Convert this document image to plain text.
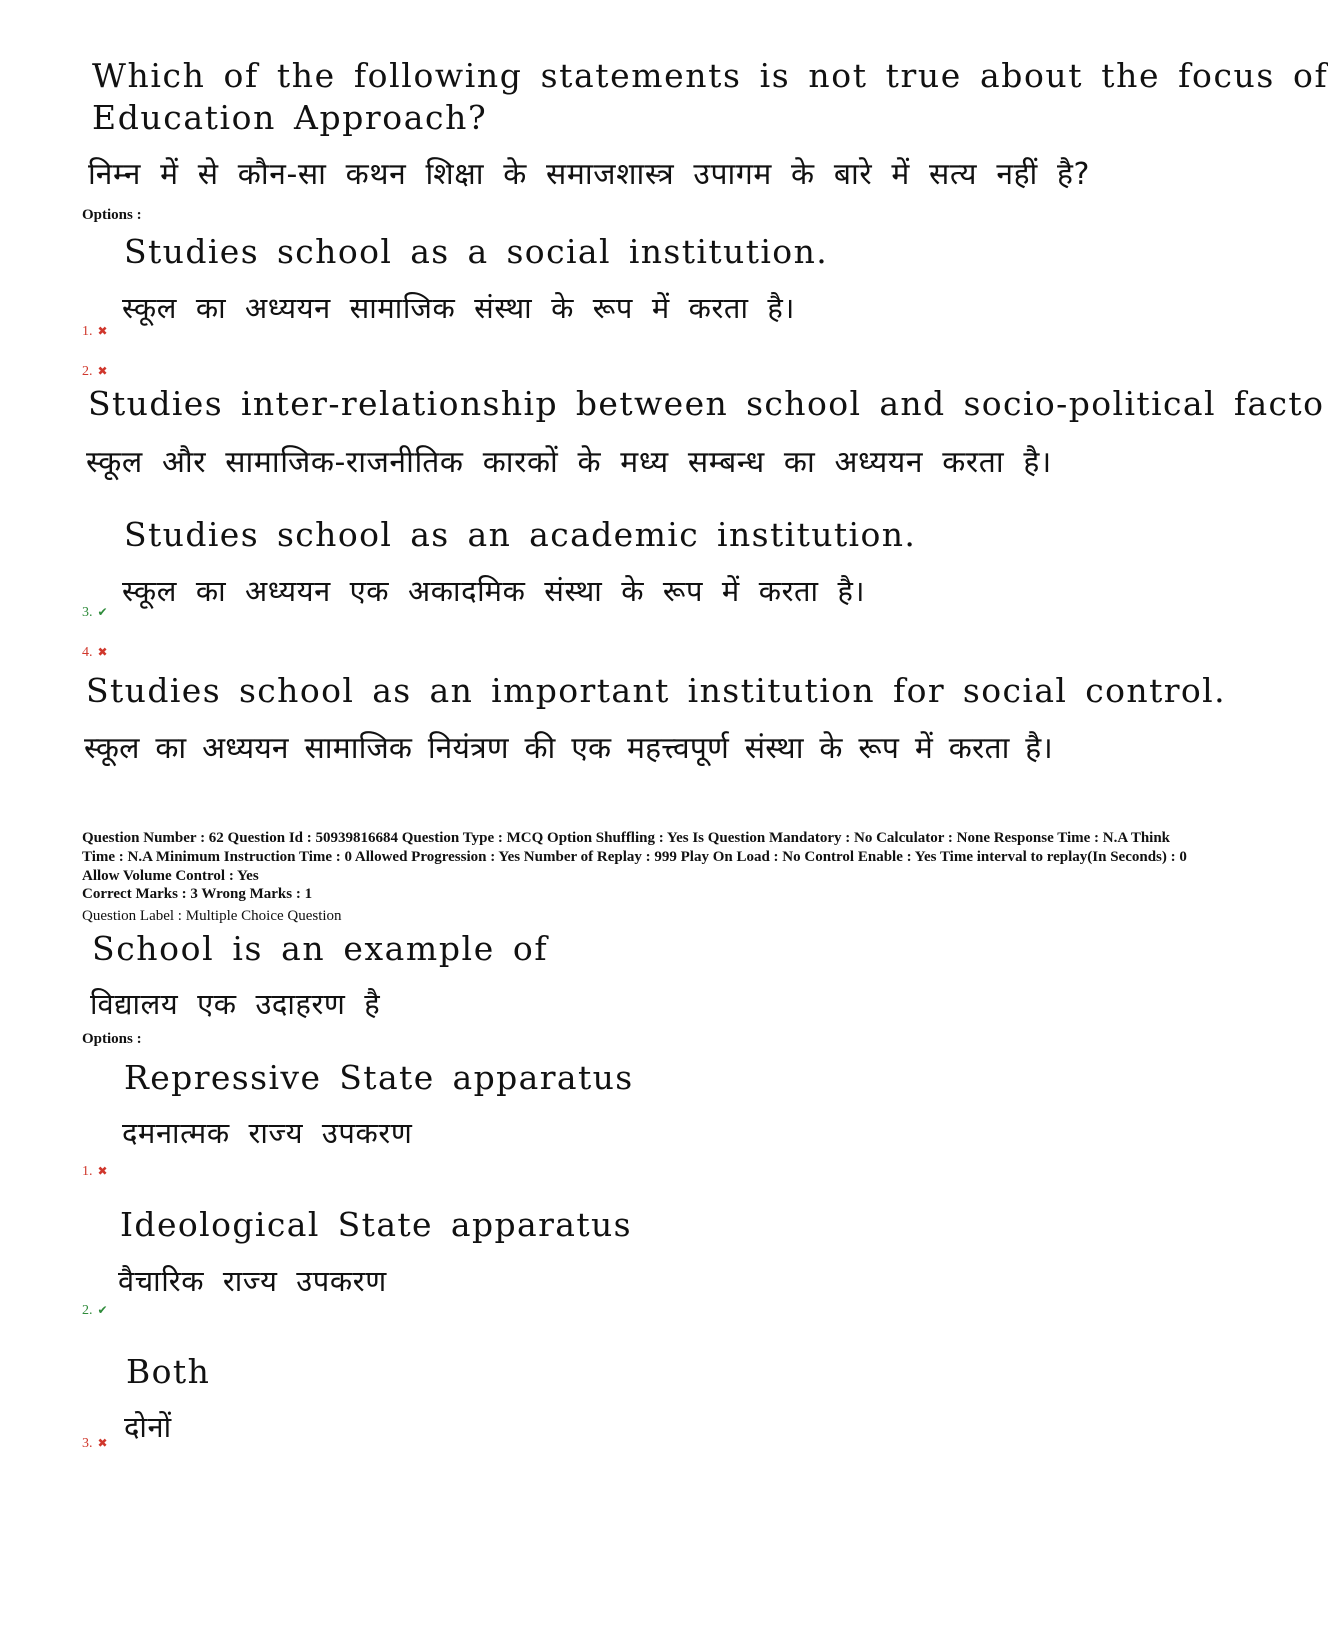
Which of the following statements is not true about the focus of
Education Approach?
निम्न में से कौन-सा कथन शिक्षा के समाजशास्त्र उपागम के बारे में सत्य नहीं है?
Options :
Studies school as a social institution.
स्कूल का अध्ययन सामाजिक संस्था के रूप में करता है।
1. ✖
2. ✖
Studies inter-relationship between school and socio-political facto
स्कूल और सामाजिक-राजनीतिक कारकों के मध्य सम्बन्ध का अध्ययन करता है।
Studies school as an academic institution.
स्कूल का अध्ययन एक अकादमिक संस्था के रूप में करता है।
3. ✔
4. ✖
Studies school as an important institution for social control.
स्कूल का अध्ययन सामाजिक नियंत्रण की एक महत्त्वपूर्ण संस्था के रूप में करता है।
Question Number : 62 Question Id : 50939816684 Question Type : MCQ Option Shuffling : Yes Is Question Mandatory : No Calculator : None Response Time : N.A Think Time : N.A Minimum Instruction Time : 0 Allowed Progression : Yes Number of Replay : 999 Play On Load : No Control Enable : Yes Time interval to replay(In Seconds) : 0 Allow Volume Control : Yes
Correct Marks : 3 Wrong Marks : 1
Question Label : Multiple Choice Question
School is an example of
विद्यालय एक उदाहरण है
Options :
Repressive State apparatus
दमनात्मक राज्य उपकरण
1. ✖
Ideological State apparatus
वैचारिक राज्य उपकरण
2. ✔
Both
दोनों
3. ✖
